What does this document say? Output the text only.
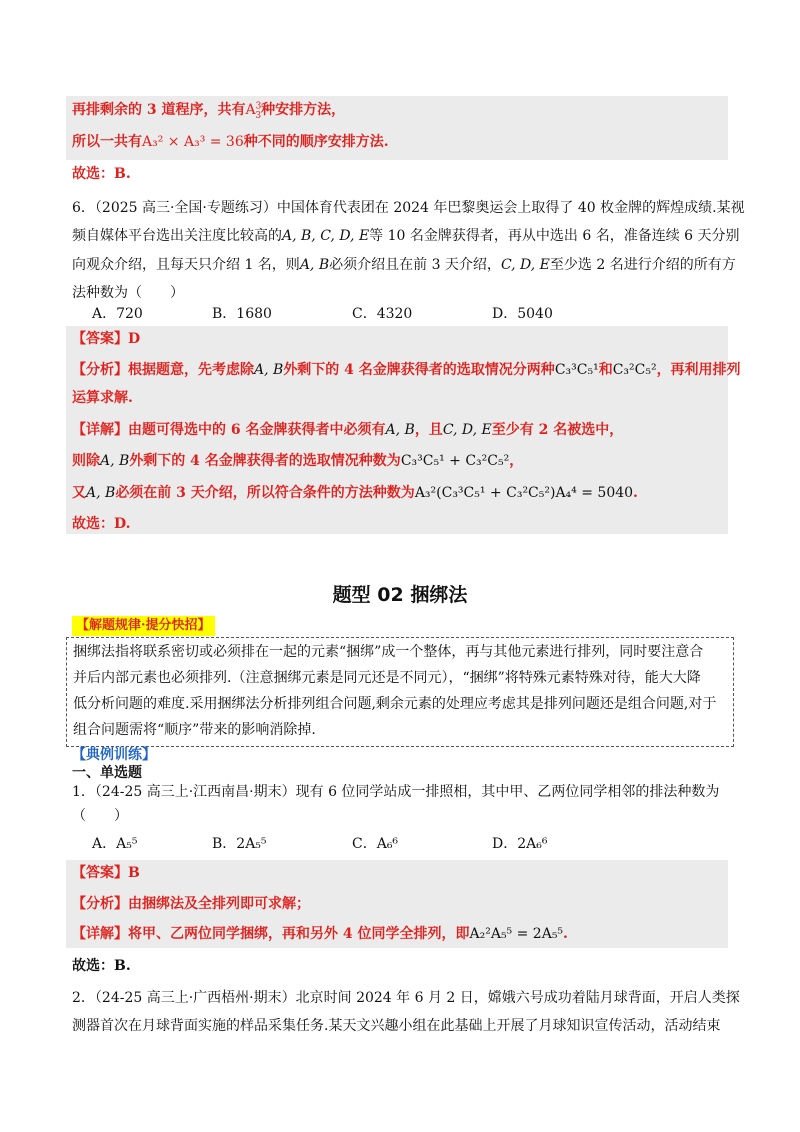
再排剩余的 3 道程序，共有$A^3_3$种安排方法，
所以一共有A₃² × A₃³ = 36种不同的顺序安排方法.
故选：B.
6．（2025 高三·全国·专题练习）中国体育代表团在 2024 年巴黎奥运会上取得了 40 枚金牌的辉煌成绩.某视
频自媒体平台选出关注度比较高的A, B, C, D, E等 10 名金牌获得者，再从中选出 6 名，准备连续 6 天分别
向观众介绍，且每天只介绍 1 名，则A, B必须介绍且在前 3 天介绍，C, D, E至少选 2 名进行介绍的所有方
法种数为（　　）
A．720	B．1680	C．4320	D．5040
【答案】D
【分析】根据题意，先考虑除A, B外剩下的 4 名金牌获得者的选取情况分两种C₃³C₅¹和C₃²C₅²，再利用排列
运算求解.
【详解】由题可得选中的 6 名金牌获得者中必须有A, B，且C, D, E至少有 2 名被选中，
则除A, B外剩下的 4 名金牌获得者的选取情况种数为C₃³C₅¹ + C₃²C₅²，
又A, B必须在前 3 天介绍，所以符合条件的方法种数为A₃²(C₃³C₅¹ + C₃²C₅²)A₄⁴ = 5040.
故选：D.
题型 02 捆绑法
【解题规律·提分快招】

捆绑法指将联系密切或必须排在一起的元素“捆绑”成一个整体，再与其他元素进行排列，同时要注意合

并后内部元素也必须排列.（注意捆绑元素是同元还是不同元），“捆绑”将特殊元素特殊对待，能大大降

低分析问题的难度.采用捆绑法分析排列组合问题,剩余元素的处理应考虑其是排列问题还是组合问题,对于

组合问题需将“顺序”带来的影响消除掉.

【典例训练】
一、单选题
1．（24-25 高三上·江西南昌·期末）现有 6 位同学站成一排照相，其中甲、乙两位同学相邻的排法种数为
（　　）
A．A₅⁵	B．2A₅⁵	C．A₆⁶	D．2A₆⁶
【答案】B
【分析】由捆绑法及全排列即可求解；
【详解】将甲、乙两位同学捆绑，再和另外 4 位同学全排列，即A₂²A₅⁵ = 2A₅⁵.
故选：B.
2．（24-25 高三上·广西梧州·期末）北京时间 2024 年 6 月 2 日，嫦娥六号成功着陆月球背面，开启人类探
测器首次在月球背面实施的样品采集任务.某天文兴趣小组在此基础上开展了月球知识宣传活动，活动结束
